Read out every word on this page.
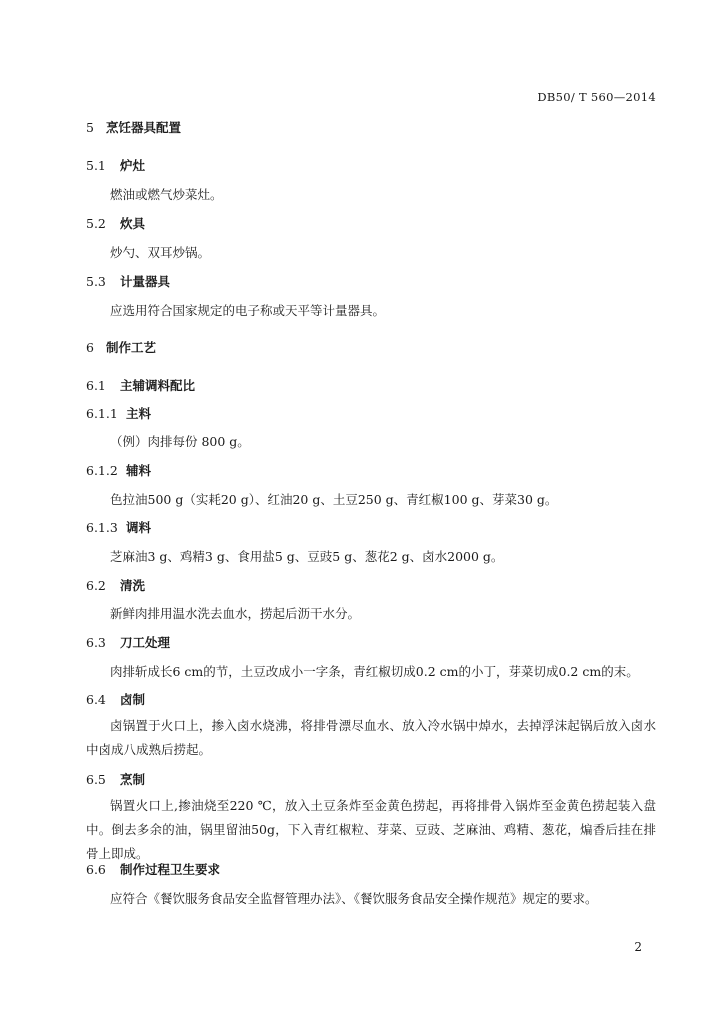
DB50/ T 560—2014
5 烹饪器具配置
5.1 炉灶
燃油或燃气炒菜灶。
5.2 炊具
炒勺、双耳炒锅。
5.3 计量器具
应选用符合国家规定的电子称或天平等计量器具。
6 制作工艺
6.1 主辅调料配比
6.1.1 主料
（例）肉排每份 800 g。
6.1.2 辅料
色拉油500 g（实耗20 g）、红油20 g、土豆250 g、青红椒100 g、芽菜30 g。
6.1.3 调料
芝麻油3 g、鸡精3 g、食用盐5 g、豆豉5 g、葱花2 g、卤水2000 g。
6.2 清洗
新鲜肉排用温水洗去血水，捞起后沥干水分。
6.3 刀工处理
肉排斩成长6 cm的节，土豆改成小一字条，青红椒切成0.2 cm的小丁，芽菜切成0.2 cm的末。
6.4 卤制
卤锅置于火口上，掺入卤水烧沸，将排骨漂尽血水、放入冷水锅中焯水，去掉浮沫起锅后放入卤水中卤成八成熟后捞起。
6.5 烹制
锅置火口上,掺油烧至220 ℃，放入土豆条炸至金黄色捞起，再将排骨入锅炸至金黄色捞起装入盘中。倒去多余的油，锅里留油50g，下入青红椒粒、芽菜、豆豉、芝麻油、鸡精、葱花，煸香后挂在排骨上即成。
6.6 制作过程卫生要求
应符合《餐饮服务食品安全监督管理办法》、《餐饮服务食品安全操作规范》规定的要求。
2
